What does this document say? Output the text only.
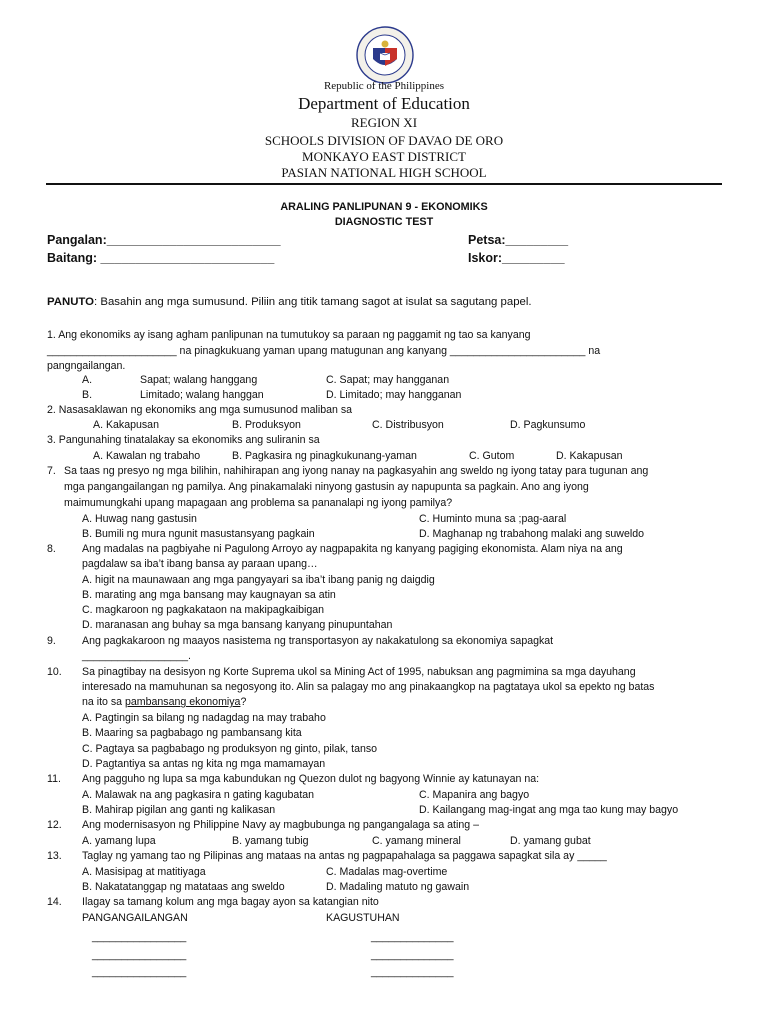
Republic of the Philippines
Department of Education
REGION XI
SCHOOLS DIVISION OF DAVAO DE ORO
MONKAYO EAST DISTRICT
PASIAN NATIONAL HIGH SCHOOL
ARALING PANLIPUNAN 9 - EKONOMIKS
DIAGNOSTIC TEST
Pangalan:_________________________	Petsa:_________
Baitang: _________________________	Iskor:_________
PANUTO: Basahin ang mga sumusund. Piliin ang titik tamang sagot at isulat sa sagutang papel.
1. Ang ekonomiks ay isang agham panlipunan na tumutukoy sa paraan ng paggamit ng tao sa kanyang
______________________ na pinagkukuang yaman upang matugunan ang kanyang _______________________ na
pangngailangan.
A.	Sapat; walang hanggang	C. Sapat; may hangganan
B.	Limitado; walang hanggan	D. Limitado; may hangganan
2. Nasasaklawan ng ekonomiks ang mga sumusunod maliban sa
A. Kakapusan	B. Produksyon	C. Distribusyon	D. Pagkunsumo
3. Pangunahing tinatalakay sa ekonomiks ang suliranin sa
A. Kawalan ng trabaho	B. Pagkasira ng pinagkukunang-yaman	C. Gutom	D. Kakapusan
7. Sa taas ng presyo ng mga bilihin, nahihirapan ang iyong nanay na pagkasyahin ang sweldo ng iyong tatay para tugunan ang
mga pangangailangan ng pamilya. Ang pinakamalaki ninyong gastusin ay napupunta sa pagkain. Ano ang iyong
maimumungkahi upang mapagaan ang problema sa pananalapi ng iyong pamilya?
A. Huwag nang gastusin	C. Huminto muna sa ;pag-aaral
B. Bumili ng mura ngunit masustansyang pagkain	D. Maghanap ng trabahong malaki ang suweldo
8. Ang madalas na pagbiyahe ni Pagulong Arroyo ay nagpapakita ng kanyang pagiging ekonomista. Alam niya na ang
pagdalaw sa iba’t ibang bansa ay paraan upang…
A. higit na maunawaan ang mga pangyayari sa iba’t ibang panig ng daigdig
B. marating ang mga bansang may kaugnayan sa atin
C. magkaroon ng pagkakataon na makipagkaibigan
D. maranasan ang buhay sa mga bansang kanyang pinupuntahan
9. Ang pagkakaroon ng maayos nasistema ng transportasyon ay nakakatulong sa ekonomiya sapagkat
__________________.
10. Sa pinagtibay na desisyon ng Korte Suprema ukol sa Mining Act of 1995, nabuksan ang pagmimina sa mga dayuhang
interesado na mamuhunan sa negosyong ito. Alin sa palagay mo ang pinakaangkop na pagtataya ukol sa epekto ng batas
na ito sa pambansang ekonomiya?
A. Pagtingin sa bilang ng nadagdag na may trabaho
B. Maaring sa pagbabago ng pambansang kita
C. Pagtaya sa pagbabago ng produksyon ng ginto, pilak, tanso
D. Pagtantiya sa antas ng kita ng mga mamamayan
11. Ang pagguho ng lupa sa mga kabundukan ng Quezon dulot ng bagyong Winnie ay katunayan na:
A. Malawak na ang pagkasira n gating kagubatan	C. Mapanira ang bagyo
B. Mahirap pigilan ang ganti ng kalikasan	D. Kailangang mag-ingat ang mga tao kung may bagyo
12. Ang modernisasyon ng Philippine Navy ay magbubunga ng pangangalaga sa ating –
A. yamang lupa	B. yamang tubig	C. yamang mineral	D. yamang gubat
13. Taglay ng yamang tao ng Pilipinas ang mataas na antas ng pagpapahalaga sa paggawa sapagkat sila ay _____
A. Masisipag at matitiyaga	C. Madalas mag-overtime
B. Nakatatanggap ng matataas ang sweldo	D. Madaling matuto ng gawain
14. Ilagay sa tamang kolum ang mga bagay ayon sa katangian nito
PANGANGAILANGAN	KAGUSTUHAN
________________	______________
________________	______________
________________	______________
